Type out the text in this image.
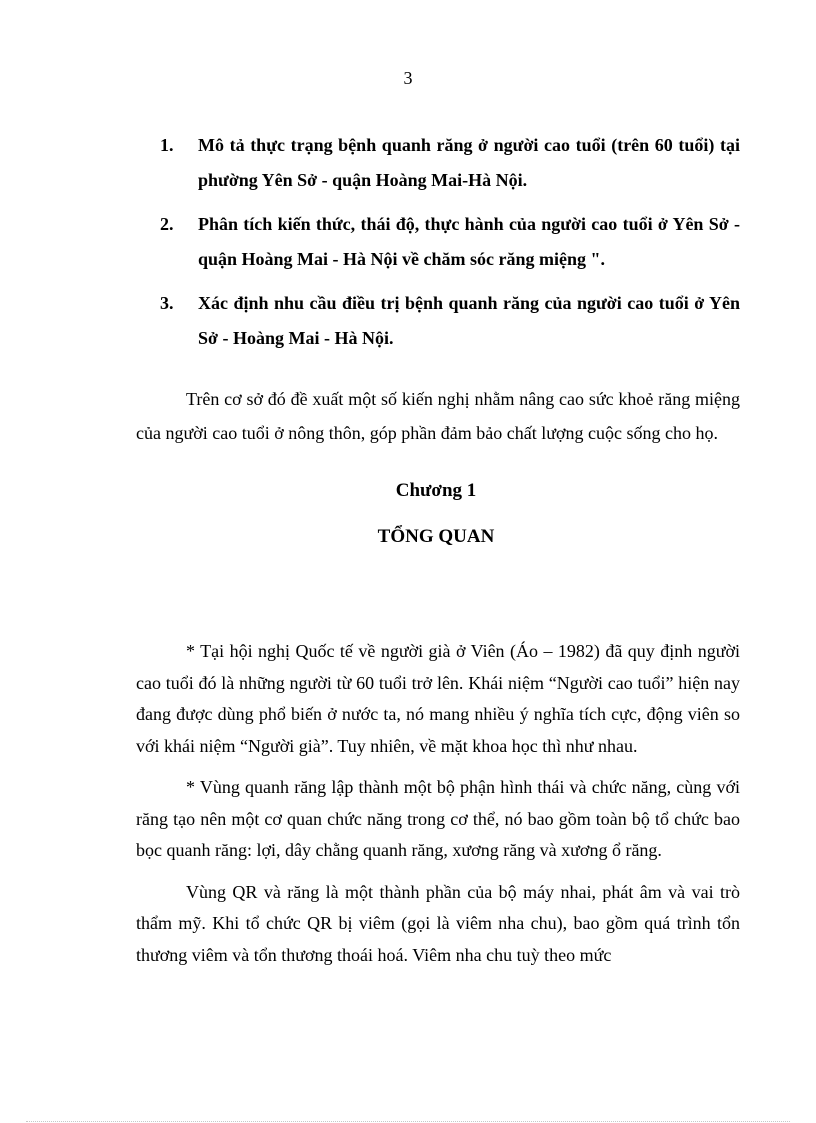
3
1.	Mô tả thực trạng bệnh quanh răng ở người cao tuổi (trên 60 tuổi) tại phường Yên Sở - quận Hoàng Mai-Hà Nội.
2.	Phân tích kiến thức, thái độ, thực hành của người cao tuổi ở Yên Sở - quận Hoàng Mai - Hà Nội về chăm sóc răng miệng ".
3.	Xác định nhu cầu điều trị bệnh quanh răng của người cao tuổi ở Yên Sở - Hoàng Mai - Hà Nội.

Trên cơ sở đó đề xuất một số kiến nghị nhằm nâng cao sức khoẻ răng miệng của người cao tuổi ở nông thôn, góp phần đảm bảo chất lượng cuộc sống cho họ.

Chương 1
TỔNG QUAN

* Tại hội nghị Quốc tế về người già ở Viên (Áo – 1982) đã quy định người cao tuổi đó là những người từ 60 tuổi trở lên. Khái niệm “Người cao tuổi” hiện nay đang được dùng phổ biến ở nước ta, nó mang nhiều ý nghĩa tích cực, động viên so với khái niệm “Người già”. Tuy nhiên, về mặt khoa học thì như nhau.

* Vùng quanh răng lập thành một bộ phận hình thái và chức năng, cùng với răng tạo nên một cơ quan chức năng trong cơ thể, nó bao gồm toàn bộ tổ chức bao bọc quanh răng: lợi, dây chằng quanh răng, xương răng và xương ổ răng.

Vùng QR và răng là một thành phần của bộ máy nhai, phát âm và vai trò thẩm mỹ. Khi tổ chức QR bị viêm (gọi là viêm nha chu), bao gồm quá trình tổn thương viêm và tổn thương thoái hoá. Viêm nha chu tuỳ theo mức
